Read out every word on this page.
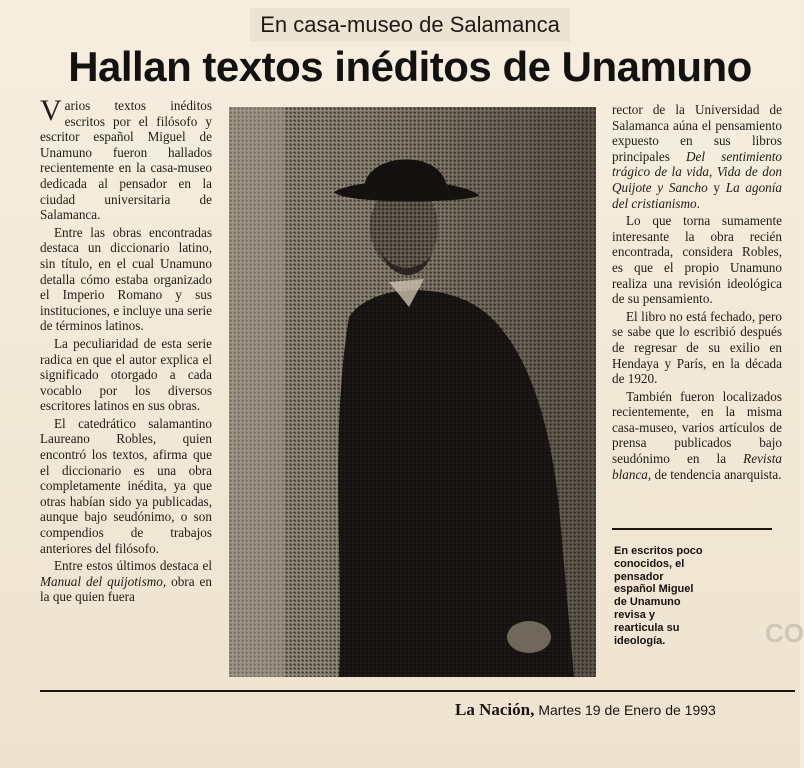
En casa-museo de Salamanca
Hallan textos inéditos de Unamuno

Varios textos inéditos escritos por el filósofo y escritor español Miguel de Unamuno fueron hallados recientemente en la casa-museo dedicada al pensador en la ciudad universitaria de Salamanca.

Entre las obras encontradas destaca un diccionario latino, sin título, en el cual Unamuno detalla cómo estaba organizado el Imperio Romano y sus instituciones, e incluye una serie de términos latinos.

La peculiaridad de esta serie radica en que el autor explica el significado otorgado a cada vocablo por los diversos escritores latinos en sus obras.

El catedrático salamantino Laureano Robles, quien encontró los textos, afirma que el diccionario es una obra completamente inédita, ya que otras habían sido ya publicadas, aunque bajo seudónimo, o son compendios de trabajos anteriores del filósofo.

Entre estos últimos destaca el Manual del quijotismo, obra en la que quien fuera

rector de la Universidad de Salamanca aúna el pensamiento expuesto en sus libros principales Del sentimiento trágico de la vida, Vida de don Quijote y Sancho y La agonía del cristianismo.

Lo que torna sumamente interesante la obra recién encontrada, considera Robles, es que el propio Unamuno realiza una revisión ideológica de su pensamiento.

El libro no está fechado, pero se sabe que lo escribió después de regresar de su exilio en Hendaya y París, en la década de 1920.

También fueron localizados recientemente, en la misma casa-museo, varios artículos de prensa publicados bajo seudónimo en la Revista blanca, de tendencia anarquista.

En escritos poco conocidos, el pensador español Miguel de Unamuno revisa y rearticula su ideología.	CO
La Nación, Martes 19 de Enero de 1993
